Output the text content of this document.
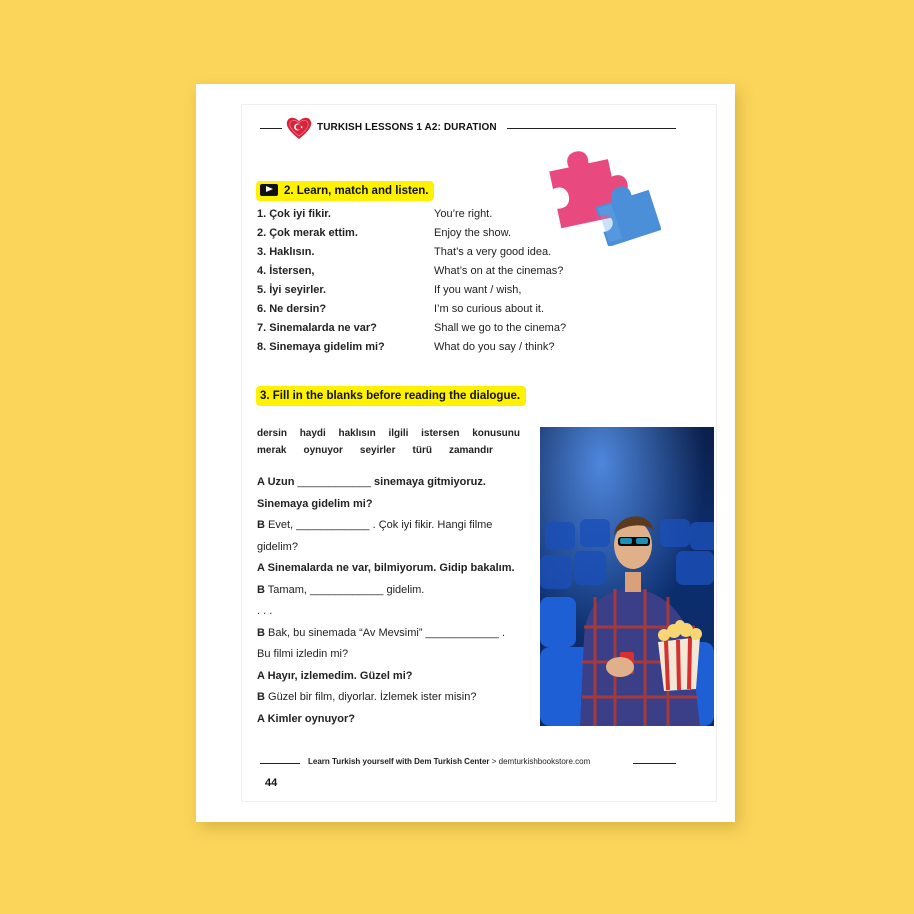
TURKISH LESSONS 1 A2: DURATION
2. Learn, match and listen.
1. Çok iyi fikir.	You’re right.
2. Çok merak ettim.	Enjoy the show.
3. Haklısın.	That’s a very good idea.
4. İstersen,	What’s on at the cinemas?
5. İyi seyirler.	If you want / wish,
6. Ne dersin?	I’m so curious about it.
7. Sinemalarda ne var?	Shall we go to the cinema?
8. Sinemaya gidelim mi?	What do you say / think?
3. Fill in the blanks before reading the dialogue.
dersin haydi haklısın ilgili istersen konusunu
merak oynuyor seyirler türü zamandır
A Uzun ____________ sinemaya gitmiyoruz.
Sinemaya gidelim mi?
B Evet, ____________ . Çok iyi fikir. Hangi filme
gidelim?
A Sinemalarda ne var, bilmiyorum. Gidip bakalım.
B Tamam, ____________ gidelim.
. . .
B Bak, bu sinemada “Av Mevsimi” ____________ .
Bu filmi izledin mi?
A Hayır, izlemedim. Güzel mi?
B Güzel bir film, diyorlar. İzlemek ister misin?
A Kimler oynuyor?
Learn Turkish yourself with Dem Turkish Center > demturkishbookstore.com
44
